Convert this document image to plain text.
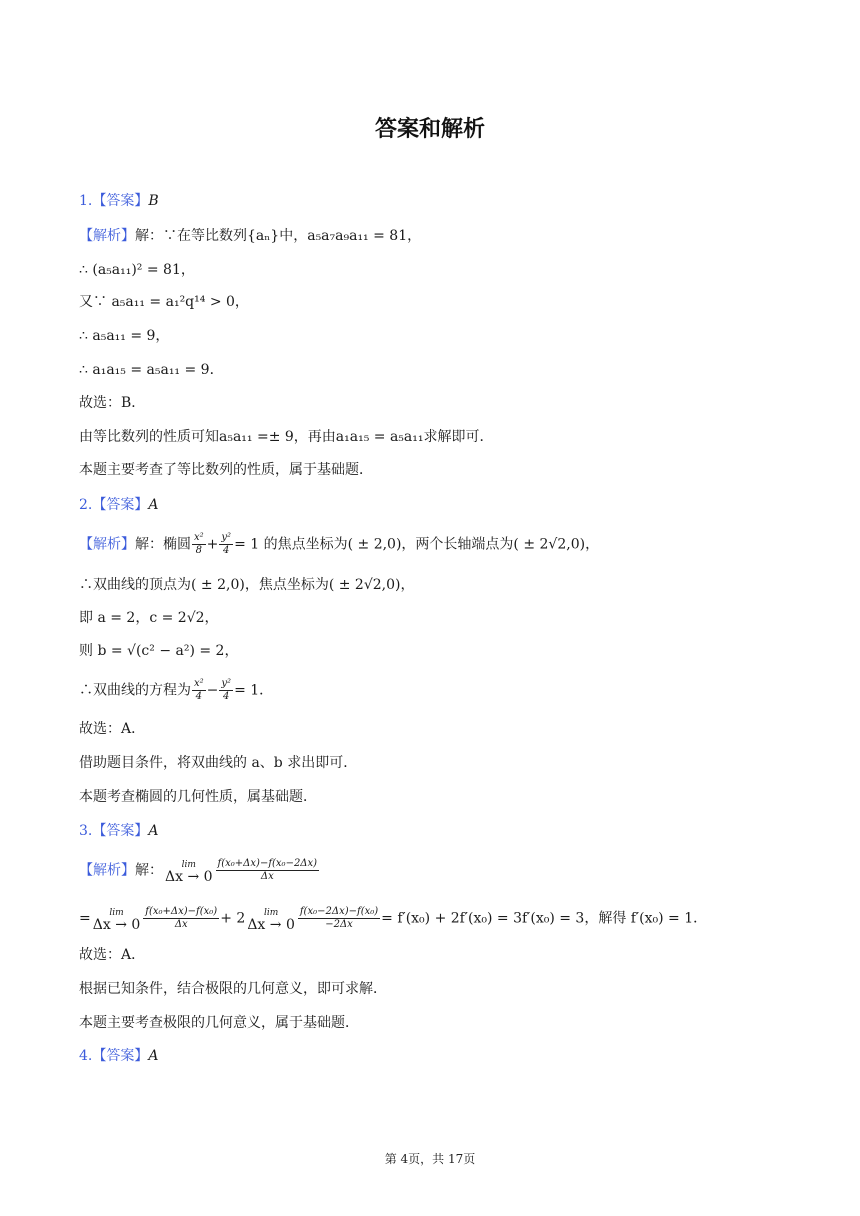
答案和解析
1.【答案】B
【解析】解：∵在等比数列{aₙ}中，a₅a₇a₉a₁₁ = 81，
∴ (a₅a₁₁)² = 81，
又∵ a₅a₁₁ = a₁²q¹⁴ > 0，
∴ a₅a₁₁ = 9，
∴ a₁a₁₅ = a₅a₁₁ = 9．
故选：B．
由等比数列的性质可知a₅a₁₁ =± 9，再由a₁a₁₅ = a₅a₁₁求解即可．
本题主要考查了等比数列的性质，属于基础题．
2.【答案】A
【解析】解：椭圆 $\frac{\text{x²}}{8} + \frac{\text{y²}}{4} = 1$ 的焦点坐标为( ± 2,0)，两个长轴端点为( ± 2√2,0)，
∴双曲线的顶点为( ± 2,0)，焦点坐标为( ± 2√2,0)，
即 a = 2，c = 2√2，
则 b = √(c² − a²) = 2，
∴双曲线的方程为 $\frac{\text{x²}}{4} - \frac{\text{y²}}{4} = 1$．
故选：A．
借助题目条件，将双曲线的 a、b 求出即可．
本题考查椭圆的几何性质，属基础题．
3.【答案】A
【解析】解：	lim
$\Delta x \to 0 \frac{\text{f(x₀+Δx)−f(x₀−2Δx)}}{\Delta x}$
=	lim
$\Delta x \to 0 \frac{\text{f(x₀+Δx)−f(x₀)}}{\Delta x} + 2$	lim
$\Delta x \to 0 \frac{\text{f(x₀−2Δx)−f(x₀)}}{-2\Delta x} = f'(x_0) + 2f'(x_0) = 3f'(x_0) = 3$，解得 f′(x₀) = 1．
故选：A．
根据已知条件，结合极限的几何意义，即可求解．
本题主要考查极限的几何意义，属于基础题．
4.【答案】A
第 4页，共 17页
